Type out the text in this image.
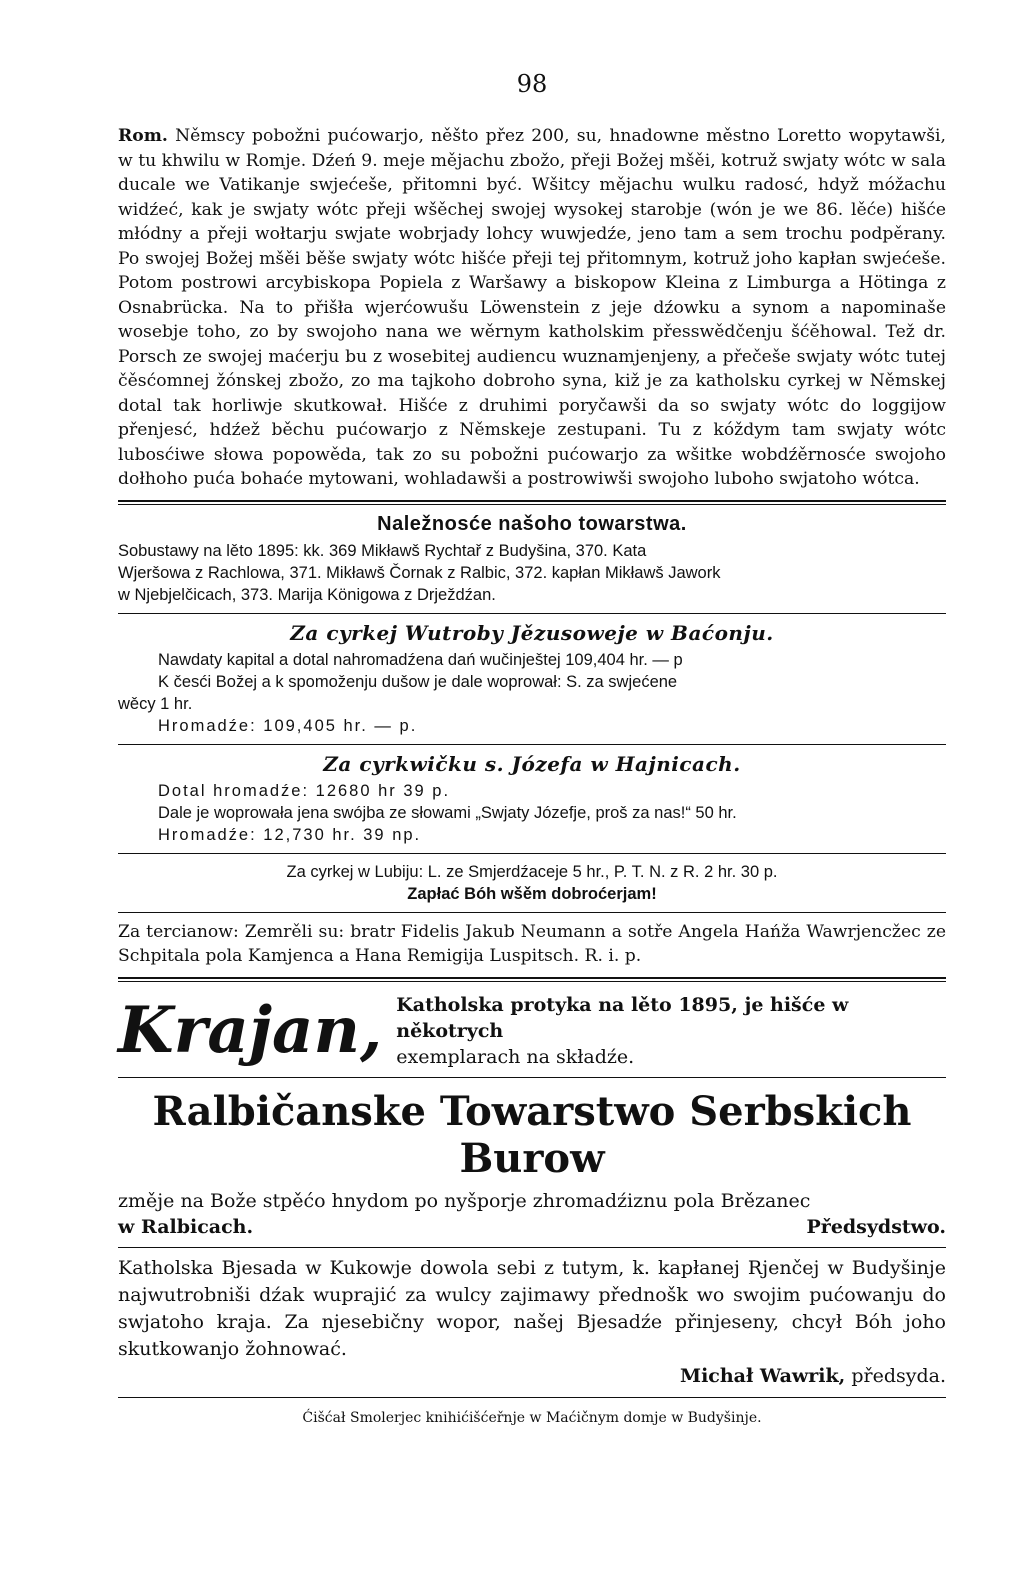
98

Rom. Němscy pobožni pućowarjo, něšto přez 200, su, hnadowne městno Loretto wopytawši, w tu khwilu w Romje. Dźeń 9. meje mějachu zbožo, přeji Božej mšěi, kotruž swjaty wótc w sala ducale we Vatikanje swjećeše, přitomni być. Wšitcy mějachu wulku radosć, hdyž móžachu widźeć, kak je swjaty wótc přeji wšěchej swojej wysokej starobje (wón je we 86. lěće) hišće młódny a přeji wołtarju swjate wobrjady lohcy wuwjedźe, jeno tam a sem trochu podpěrany. Po swojej Božej mšěi běše swjaty wótc hišće přeji tej přitomnym, kotruž joho kapłan swjećeše. Potom postrowi arcybiskopa Popiela z Waršawy a biskopow Kleina z Limburga a Hötinga z Osnabrücka. Na to přišła wjerćowušu Löwenstein z jeje dźowku a synom a napominaše wosebje toho, zo by swojoho nana we wěrnym katholskim přesswědčenju šćěhowal. Tež dr. Porsch ze swojej maćerju bu z wosebitej audiencu wuznamjenjeny, a přečeše swjaty wótc tutej čěsćomnej žónskej zbožo, zo ma tajkoho dobroho syna, kiž je za katholsku cyrkej w Němskej dotal tak horliwje skutkował. Hišće z druhimi poryčawši da so swjaty wótc do loggijow přenjesć, hdźež běchu pućowarjo z Němskeje zestupani. Tu z kóždym tam swjaty wótc lubosćiwe słowa popowěda, tak zo su pobožni pućowarjo za wšitke wobdźěrnosće swojoho dołhoho puća bohaće mytowani, wohladawši a postrowiwši swojoho luboho swjatoho wótca.

Naležnosće našoho towarstwa.

Sobustawy na lěto 1895: kk. 369 Mikławš Rychtař z Budyšina, 370. Kata

Wjeršowa z Rachlowa, 371. Mikławš Čornak z Ralbic, 372. kapłan Mikławš Jawork

w Njebjelčicach, 373. Marija Königowa z Drježdźan.

Za cyrkej Wutroby Jězusoweje w Baćonju.

Nawdaty kapital a dotal nahromadźena dań wučinještej 109,404 hr. — p

K česći Božej a k spomoženju dušow je dale woprował: S. za swjećene

wěcy 1 hr.

Hromadźe: 109,405 hr. — p.

Za cyrkwičku s. Józefa w Hajnicach.

Dotal hromadźe: 12680 hr 39 p.

Dale je woprowała jena swójba ze słowami „Swjaty Józefje, proš za nas!“ 50 hr.

Hromadźe: 12,730 hr. 39 np.

Za cyrkej w Lubiju: L. ze Smjerdźaceje 5 hr., P. T. N. z R. 2 hr. 30 p.

Zapłać Bóh wšěm dobroćerjam!

Za tercianow: Zemrěli su: bratr Fidelis Jakub Neumann a sotře Angela Hańža Wawrjencžec ze Schpitala pola Kamjenca a Hana Remigija Luspitsch. R. i. p.

Krajan, Katholska protyka na lěto 1895, je hišće w někotrych
exemplarach na składźe.
Ralbičanske Towarstwo Serbskich Burow
změje na Bože stpěćo hnydom po nyšporje zhromadźiznu pola Brězanec
w Ralbicach.	Předsydstwo.

Katholska Bjesada w Kukowje dowola sebi z tutym, k. kapłanej Rjenčej w Budyšinje najwutrobniši dźak wuprajić za wulcy zajimawy přednošk wo swojim pućowanju do swjatoho kraja. Za njesebičny wopor, našej Bjesadźe přinjeseny, chcył Bóh joho skutkowanjo žohnować.

Michał Wawrik, předsyda.
Ćišćał Smolerjec knihićišćeřnje w Maćičnym domje w Budyšinje.
